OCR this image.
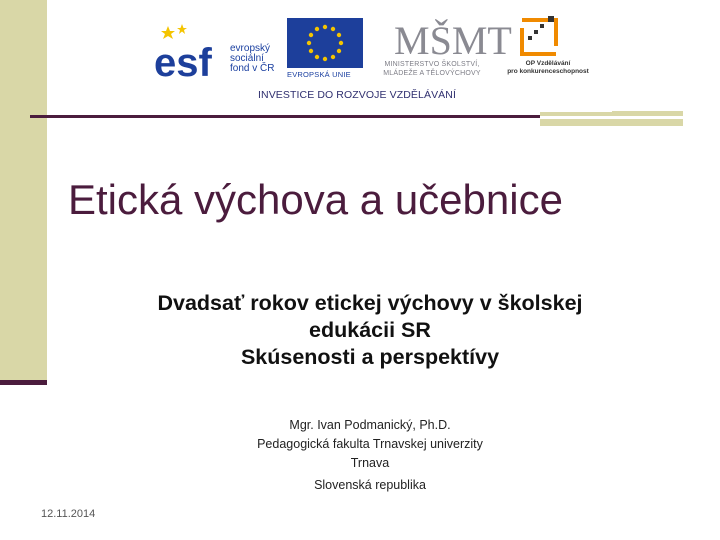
esf evropský
sociální
fond v ČR
EVROPSKÁ UNIE
MŠMT
MINISTERSTVO ŠKOLSTVÍ,
MLÁDEŽE A TĚLOVÝCHOVY
OP Vzdělávání
pro konkurenceschopnost
INVESTICE DO ROZVOJE VZDĚLÁVÁNÍ
Etická výchova a učebnice
Dvadsať rokov etickej výchovy v školskej
edukácii SR
Skúsenosti a perspektívy
Mgr. Ivan Podmanický, Ph.D.
Pedagogická fakulta Trnavskej univerzity
Trnava
Slovenská republika
12.11.2014
